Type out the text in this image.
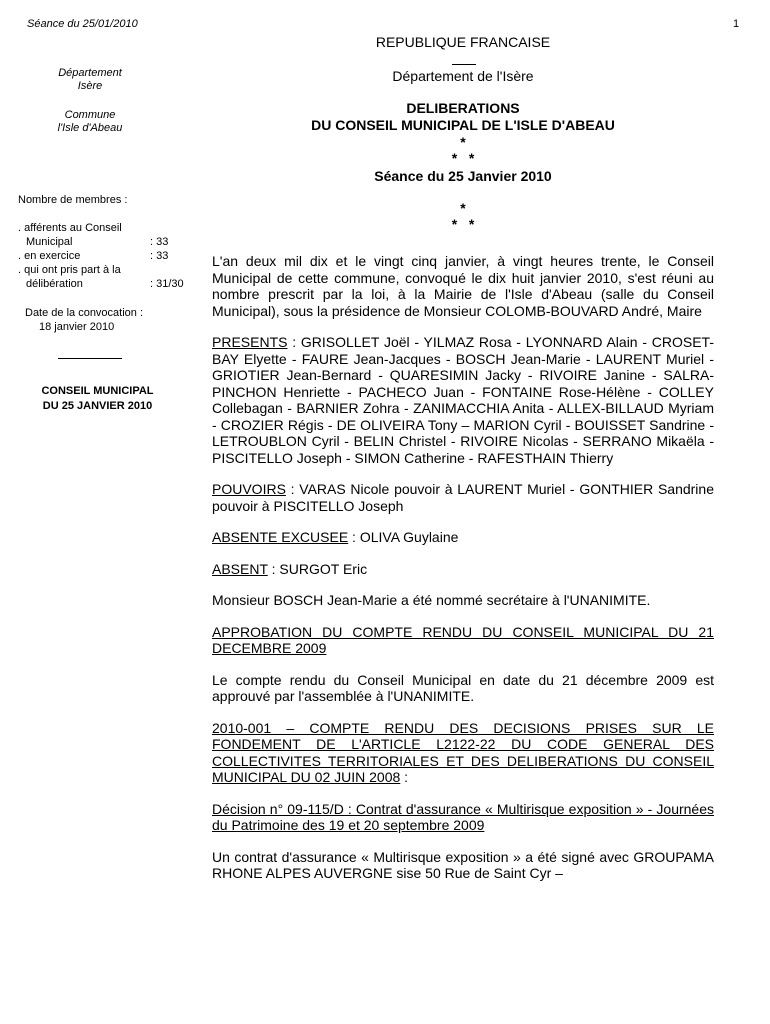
Séance du 25/01/2010	1
Département
Isère
Commune
l'Isle d'Abeau
Nombre de membres :
. afférents au Conseil
Municipal	: 33
. en exercice	: 33
. qui ont pris part à la
délibération	: 31/30
Date de la convocation :
18 janvier 2010
CONSEIL MUNICIPAL
DU 25 JANVIER 2010
REPUBLIQUE FRANCAISE
Département de l'Isère
DELIBERATIONS
DU CONSEIL MUNICIPAL DE L'ISLE D'ABEAU
*
*   *
Séance du 25 Janvier 2010
*
*   *

L'an deux mil dix et le vingt cinq janvier, à vingt heures trente, le Conseil Municipal de cette commune, convoqué le dix huit janvier 2010, s'est réuni au nombre prescrit par la loi, à la Mairie de l'Isle d'Abeau (salle du Conseil Municipal), sous la présidence de Monsieur COLOMB-BOUVARD André, Maire

PRESENTS : GRISOLLET Joël - YILMAZ Rosa - LYONNARD Alain - CROSET-BAY Elyette - FAURE Jean-Jacques - BOSCH Jean-Marie - LAURENT Muriel - GRIOTIER Jean-Bernard - QUARESIMIN Jacky - RIVOIRE Janine - SALRA-PINCHON Henriette - PACHECO Juan - FONTAINE Rose-Hélène - COLLEY Collebagan - BARNIER Zohra - ZANIMACCHIA Anita - ALLEX-BILLAUD Myriam - CROZIER Régis - DE OLIVEIRA Tony – MARION Cyril - BOUISSET Sandrine - LETROUBLON Cyril - BELIN Christel - RIVOIRE Nicolas - SERRANO Mikaëla - PISCITELLO Joseph - SIMON Catherine - RAFESTHAIN Thierry

POUVOIRS : VARAS Nicole pouvoir à LAURENT Muriel - GONTHIER Sandrine pouvoir à PISCITELLO Joseph

ABSENTE EXCUSEE : OLIVA Guylaine

ABSENT : SURGOT Eric

Monsieur BOSCH Jean-Marie a été nommé secrétaire à l'UNANIMITE.

APPROBATION DU COMPTE RENDU DU CONSEIL MUNICIPAL DU 21 DECEMBRE 2009

Le compte rendu du Conseil Municipal en date du 21 décembre 2009 est approuvé par l'assemblée à l'UNANIMITE.

2010-001 – COMPTE RENDU DES DECISIONS PRISES SUR LE FONDEMENT DE L'ARTICLE L2122-22 DU CODE GENERAL DES COLLECTIVITES TERRITORIALES ET DES DELIBERATIONS DU CONSEIL MUNICIPAL DU 02 JUIN 2008 :

Décision n° 09-115/D : Contrat d'assurance « Multirisque exposition » - Journées du Patrimoine des 19 et 20 septembre 2009

Un contrat d'assurance « Multirisque exposition » a été signé avec GROUPAMA RHONE ALPES AUVERGNE sise 50 Rue de Saint Cyr –
